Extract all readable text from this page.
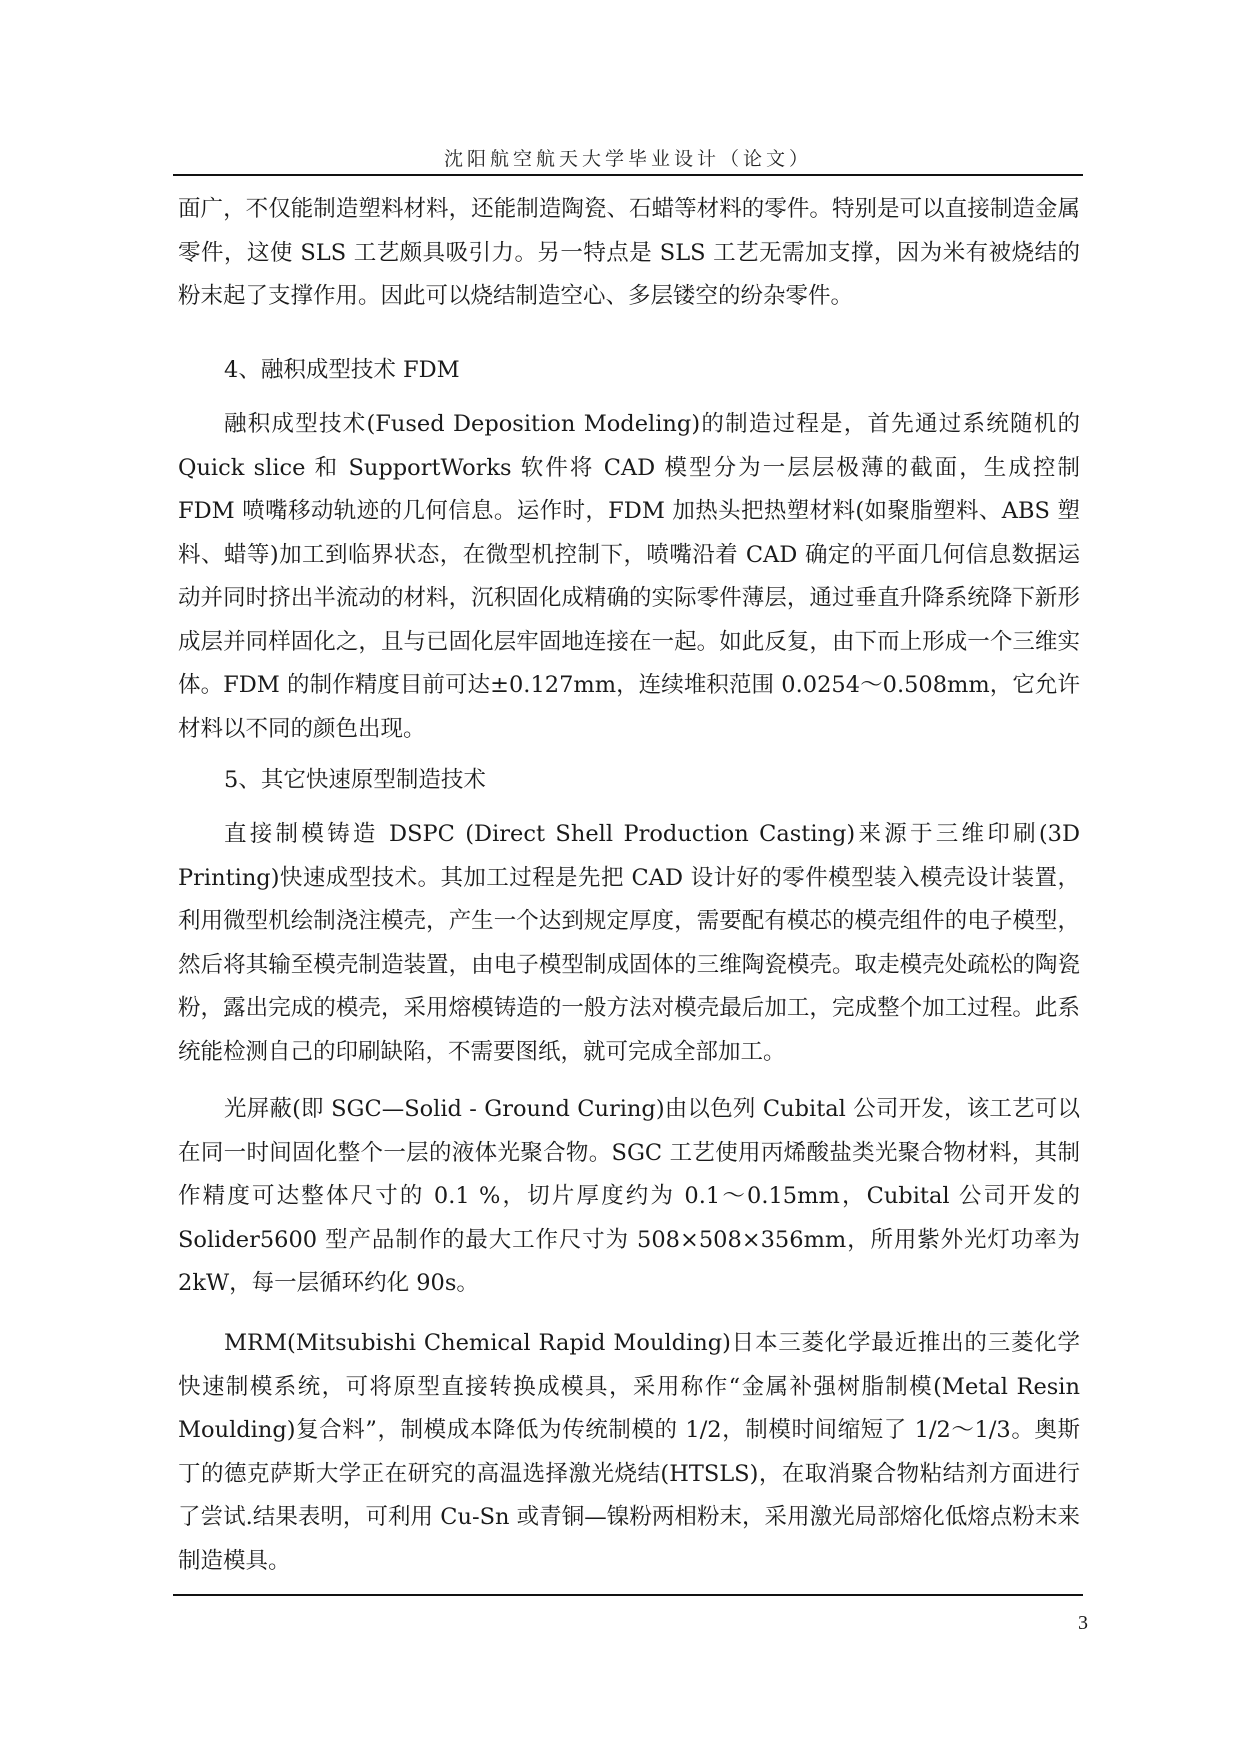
沈阳航空航天大学毕业设计（论文）

面广，不仅能制造塑料材料，还能制造陶瓷、石蜡等材料的零件。特别是可以直接制造金属零件，这使 SLS 工艺颇具吸引力。另一特点是 SLS 工艺无需加支撑，因为米有被烧结的粉末起了支撑作用。因此可以烧结制造空心、多层镂空的纷杂零件。

4、融积成型技术 FDM

融积成型技术(Fused Deposition Modeling)的制造过程是，首先通过系统随机的 Quick slice 和 SupportWorks 软件将 CAD 模型分为一层层极薄的截面，生成控制 FDM 喷嘴移动轨迹的几何信息。运作时，FDM 加热头把热塑材料(如聚脂塑料、ABS 塑料、蜡等)加工到临界状态，在微型机控制下，喷嘴沿着 CAD 确定的平面几何信息数据运动并同时挤出半流动的材料，沉积固化成精确的实际零件薄层，通过垂直升降系统降下新形成层并同样固化之，且与已固化层牢固地连接在一起。如此反复，由下而上形成一个三维实体。FDM 的制作精度目前可达±0.127mm，连续堆积范围 0.0254～0.508mm，它允许材料以不同的颜色出现。

5、其它快速原型制造技术

直接制模铸造 DSPC (Direct Shell Production Casting)来源于三维印刷(3D Printing)快速成型技术。其加工过程是先把 CAD 设计好的零件模型装入模壳设计装置，利用微型机绘制浇注模壳，产生一个达到规定厚度，需要配有模芯的模壳组件的电子模型，然后将其输至模壳制造装置，由电子模型制成固体的三维陶瓷模壳。取走模壳处疏松的陶瓷粉，露出完成的模壳，采用熔模铸造的一般方法对模壳最后加工，完成整个加工过程。此系统能检测自己的印刷缺陷，不需要图纸，就可完成全部加工。

光屏蔽(即 SGC—Solid - Ground Curing)由以色列 Cubital 公司开发，该工艺可以在同一时间固化整个一层的液体光聚合物。SGC 工艺使用丙烯酸盐类光聚合物材料，其制作精度可达整体尺寸的 0.1 %，切片厚度约为 0.1～0.15mm，Cubital 公司开发的 Solider5600 型产品制作的最大工作尺寸为 508×508×356mm，所用紫外光灯功率为 2kW，每一层循环约化 90s。

MRM(Mitsubishi Chemical Rapid Moulding)日本三菱化学最近推出的三菱化学快速制模系统，可将原型直接转换成模具，采用称作“金属补强树脂制模(Metal Resin Moulding)复合料”，制模成本降低为传统制模的 1/2，制模时间缩短了 1/2～1/3。奥斯丁的德克萨斯大学正在研究的高温选择激光烧结(HTSLS)，在取消聚合物粘结剂方面进行了尝试.结果表明，可利用 Cu-Sn 或青铜—镍粉两相粉末，采用激光局部熔化低熔点粉末来制造模具。

3
